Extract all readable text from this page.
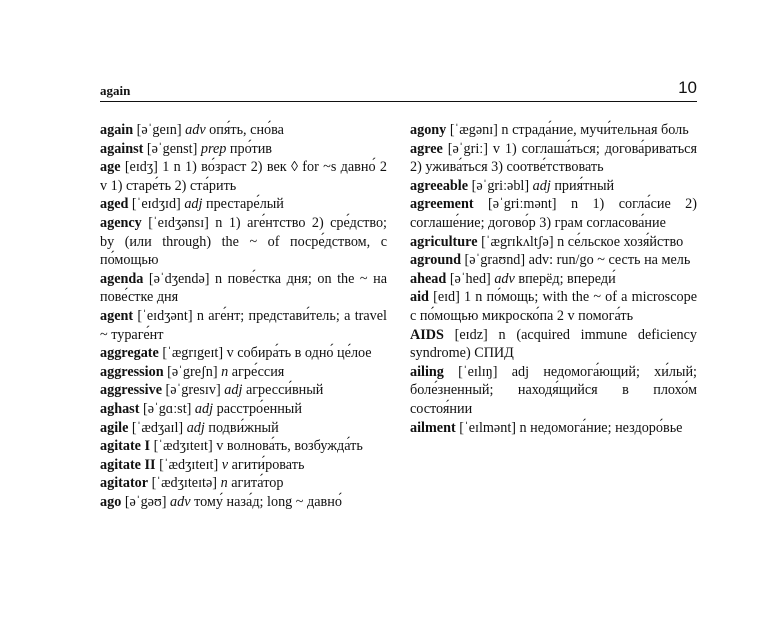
again	10
again [əˈgeɪn] adv опя́ть, сно́ва
against [əˈgenst] prep про́тив
age [eɪdʒ] 1 n 1) во́зраст 2) век ◊ for ~s давно́ 2 v 1) старе́ть 2) ста́рить
aged [ˈeɪdʒɪd] adj престаре́лый
agency [ˈeɪdʒənsɪ] n 1) аге́нтство 2) сре́дство; by (или through) the ~ of посре́дством, с по́мощью
agenda [əˈdʒendə] n пове́стка дня; on the ~ на пове́стке дня
agent [ˈeɪdʒənt] n аге́нт; представи́тель; a travel ~ тураге́нт
aggregate [ˈægrɪgeɪt] v собира́ть в одно́ це́лое
aggression [əˈgreʃn] n агре́ссия
aggressive [əˈgresɪv] adj агресси́вный
aghast [əˈgɑːst] adj расстро́енный
agile [ˈædʒaɪl] adj подви́жный
agitate I [ˈædʒɪteɪt] v волнова́ть, возбужда́ть
agitate II [ˈædʒɪteɪt] v агити́ровать
agitator [ˈædʒɪteɪtə] n агита́тор
ago [əˈgəʊ] adv тому́ наза́д; long ~ давно́
agony [ˈægənɪ] n страда́ние, мучи́тельная боль
agree [əˈgriː] v 1) соглаша́ться; догова́риваться 2) ужива́ться 3) соотве́тствовать
agreeable [əˈgriːəbl] adj прия́тный
agreement [əˈgriːmənt] n 1) согла́сие 2) соглаше́ние; догово́р 3) грам согласова́ние
agriculture [ˈægrɪkʌltʃə] n се́льское хозя́йство
aground [əˈgraʊnd] adv: run/go ~ сесть на мель
ahead [əˈhed] adv вперёд; впереди́
aid [eɪd] 1 n по́мощь; with the ~ of a microscope с по́мощью микроско́па 2 v помога́ть
AIDS [eɪdz] n (acquired immune deficiency syndrome) СПИД
ailing [ˈeɪlɪŋ] adj недомога́ющий; хи́лый; боле́зненный; находя́щийся в плохо́м состоя́нии
ailment [ˈeɪlmənt] n недомога́ние; нездоро́вье
